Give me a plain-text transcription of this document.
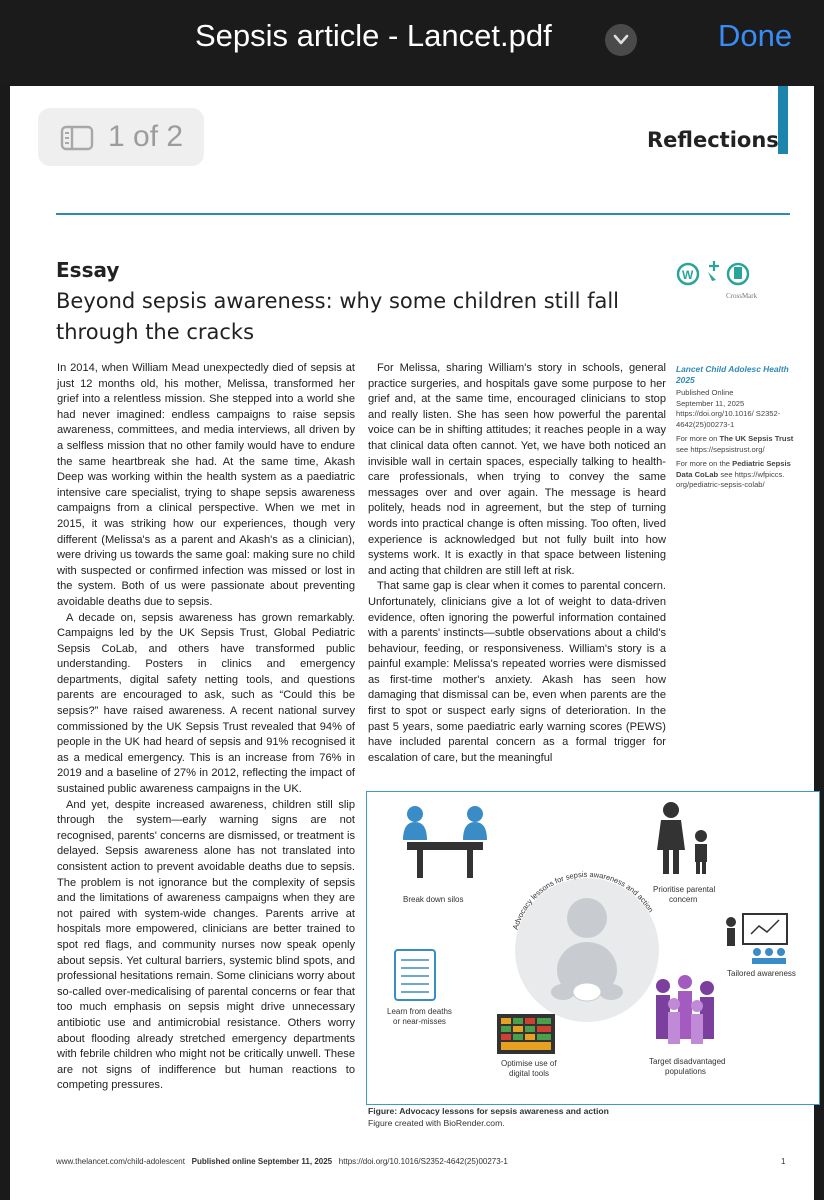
Sepsis article - Lancet.pdf	Done
1 of 2	Reflections
Essay
Beyond sepsis awareness: why some children still fall through the cracks
W
CrossMark

In 2014, when William Mead unexpectedly died of sepsis at just 12 months old, his mother, Melissa, transformed her grief into a relentless mission. She stepped into a world she had never imagined: endless campaigns to raise sepsis awareness, committees, and media interviews, all driven by a selfless mission that no other family would have to endure the same heartbreak she had. At the same time, Akash Deep was working within the health system as a paediatric intensive care specialist, trying to shape sepsis awareness campaigns from a clinical perspective. When we met in 2015, it was striking how our experiences, though very different (Melissa's as a parent and Akash's as a clinician), were driving us towards the same goal: making sure no child with suspected or confirmed infection was missed or lost in the system. Both of us were passionate about preventing avoidable deaths due to sepsis.

A decade on, sepsis awareness has grown remarkably. Campaigns led by the UK Sepsis Trust, Global Pediatric Sepsis CoLab, and others have transformed public understanding. Posters in clinics and emergency departments, digital safety netting tools, and questions parents are encouraged to ask, such as “Could this be sepsis?” have raised awareness. A recent national survey commissioned by the UK Sepsis Trust revealed that 94% of people in the UK had heard of sepsis and 91% recognised it as a medical emergency. This is an increase from 76% in 2019 and a baseline of 27% in 2012, reflecting the impact of sustained public awareness campaigns in the UK.

And yet, despite increased awareness, children still slip through the system—early warning signs are not recognised, parents' concerns are dismissed, or treatment is delayed. Sepsis awareness alone has not translated into consistent action to prevent avoidable deaths due to sepsis. The problem is not ignorance but the complexity of sepsis and the limitations of awareness campaigns when they are not paired with system-wide changes. Parents arrive at hospitals more empowered, clinicians are better trained to spot red flags, and community nurses now speak openly about sepsis. Yet cultural barriers, systemic blind spots, and professional hesitations remain. Some clinicians worry about so-called over-medicalising of parental concerns or fear that too much emphasis on sepsis might drive unnecessary antibiotic use and antimicrobial resistance. Others worry about flooding already stretched emergency departments with febrile children who might not be critically unwell. These are not signs of indifference but human reactions to competing pressures.

For Melissa, sharing William's story in schools, general practice surgeries, and hospitals gave some purpose to her grief and, at the same time, encouraged clinicians to stop and really listen. She has seen how powerful the parental voice can be in shifting attitudes; it reaches people in a way that clinical data often cannot. Yet, we have both noticed an invisible wall in certain spaces, especially talking to health-care professionals, when trying to convey the same messages over and over again. The message is heard politely, heads nod in agreement, but the step of turning words into practical change is often missing. Too often, lived experience is acknowledged but not fully built into how systems work. It is exactly in that space between listening and acting that children are still left at risk.

That same gap is clear when it comes to parental concern. Unfortunately, clinicians give a lot of weight to data-driven evidence, often ignoring the powerful information contained with a parents' instincts—subtle observations about a child's behaviour, feeding, or responsiveness. William's story is a painful example: Melissa's repeated worries were dismissed as first-time mother's anxiety. Akash has seen how damaging that dismissal can be, even when parents are the first to spot or suspect early signs of deterioration. In the past 5 years, some paediatric early warning scores (PEWS) have included parental concern as a formal trigger for escalation of care, but the meaningful

Lancet Child Adolesc Health 2025
Published Online
September 11, 2025
https://doi.org/10.1016/ S2352-4642(25)00273-1
For more on The UK Sepsis Trust see https://sepsistrust.org/
For more on the Pediatric Sepsis Data CoLab see https://wfpiccs. org/pediatric-sepsis-colab/
Advocacy lessons for sepsis awareness and action
Break down silos
Prioritise parental
concern
Tailored awareness
Learn from deaths
or near-misses
Optimise use of
digital tools
Target disadvantaged
populations
Figure: Advocacy lessons for sepsis awareness and action
Figure created with BioRender.com.
www.thelancet.com/child-adolescent Published online September 11, 2025 https://doi.org/10.1016/S2352-4642(25)00273-1	1
